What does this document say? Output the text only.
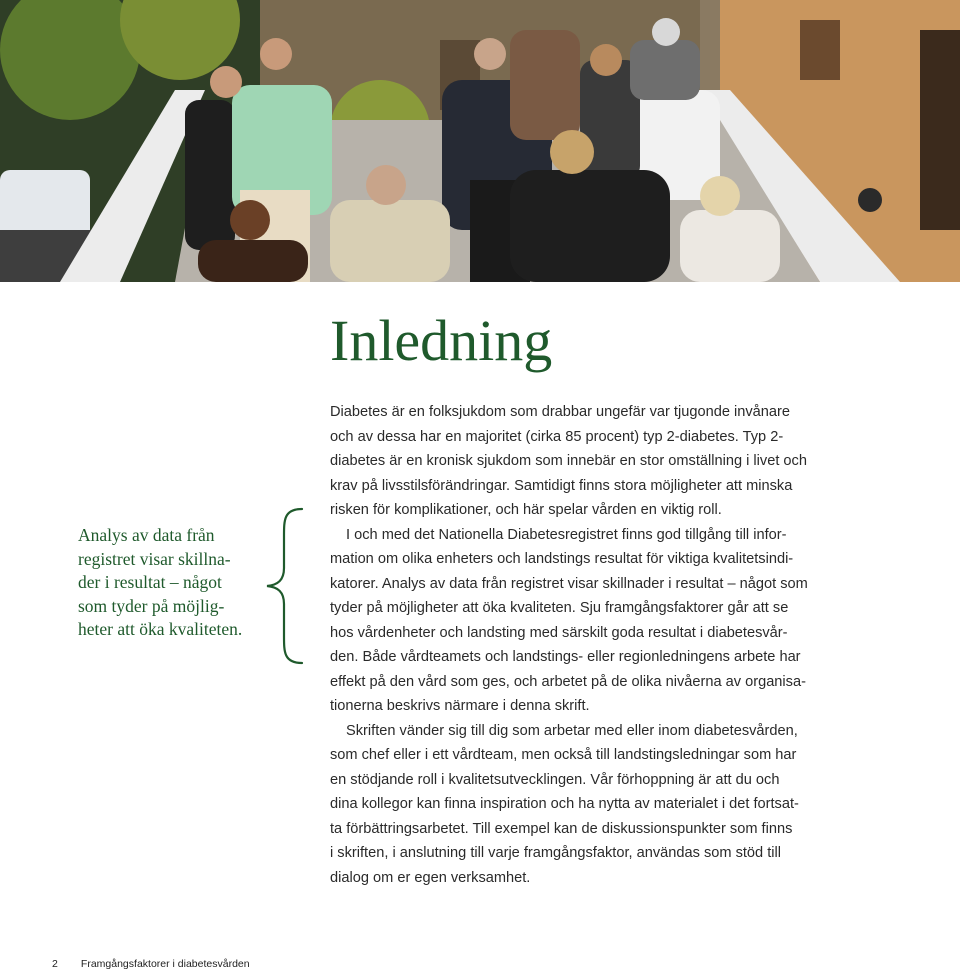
Inledning
Analys av data från
registret visar skillna-
der i resultat – något
som tyder på möjlig-
heter att öka kvaliteten.

Diabetes är en folksjukdom som drabbar ungefär var tjugonde invånare
och av dessa har en majoritet (cirka 85 procent) typ 2-diabetes. Typ 2-
diabetes är en kronisk sjukdom som innebär en stor omställning i livet och
krav på livsstilsförändringar. Samtidigt finns stora möjligheter att minska
risken för komplikationer, och här spelar vården en viktig roll.

I och med det Nationella Diabetesregistret finns god tillgång till infor-
mation om olika enheters och landstings resultat för viktiga kvalitetsindi-
katorer. Analys av data från registret visar skillnader i resultat – något som
tyder på möjligheter att öka kvaliteten. Sju framgångsfaktorer går att se
hos vårdenheter och landsting med särskilt goda resultat i diabetesvår-
den. Både vårdteamets och landstings- eller regionledningens arbete har
effekt på den vård som ges, och arbetet på de olika nivåerna av organisa-
tionerna beskrivs närmare i denna skrift.

Skriften vänder sig till dig som arbetar med eller inom diabetesvården,
som chef eller i ett vårdteam, men också till landstingsledningar som har
en stödjande roll i kvalitetsutvecklingen. Vår förhoppning är att du och
dina kollegor kan finna inspiration och ha nytta av materialet i det fortsat-
ta förbättringsarbetet. Till exempel kan de diskussionspunkter som finns
i skriften, i anslutning till varje framgångsfaktor, användas som stöd till
dialog om er egen verksamhet.

2 Framgångsfaktorer i diabetesvården
